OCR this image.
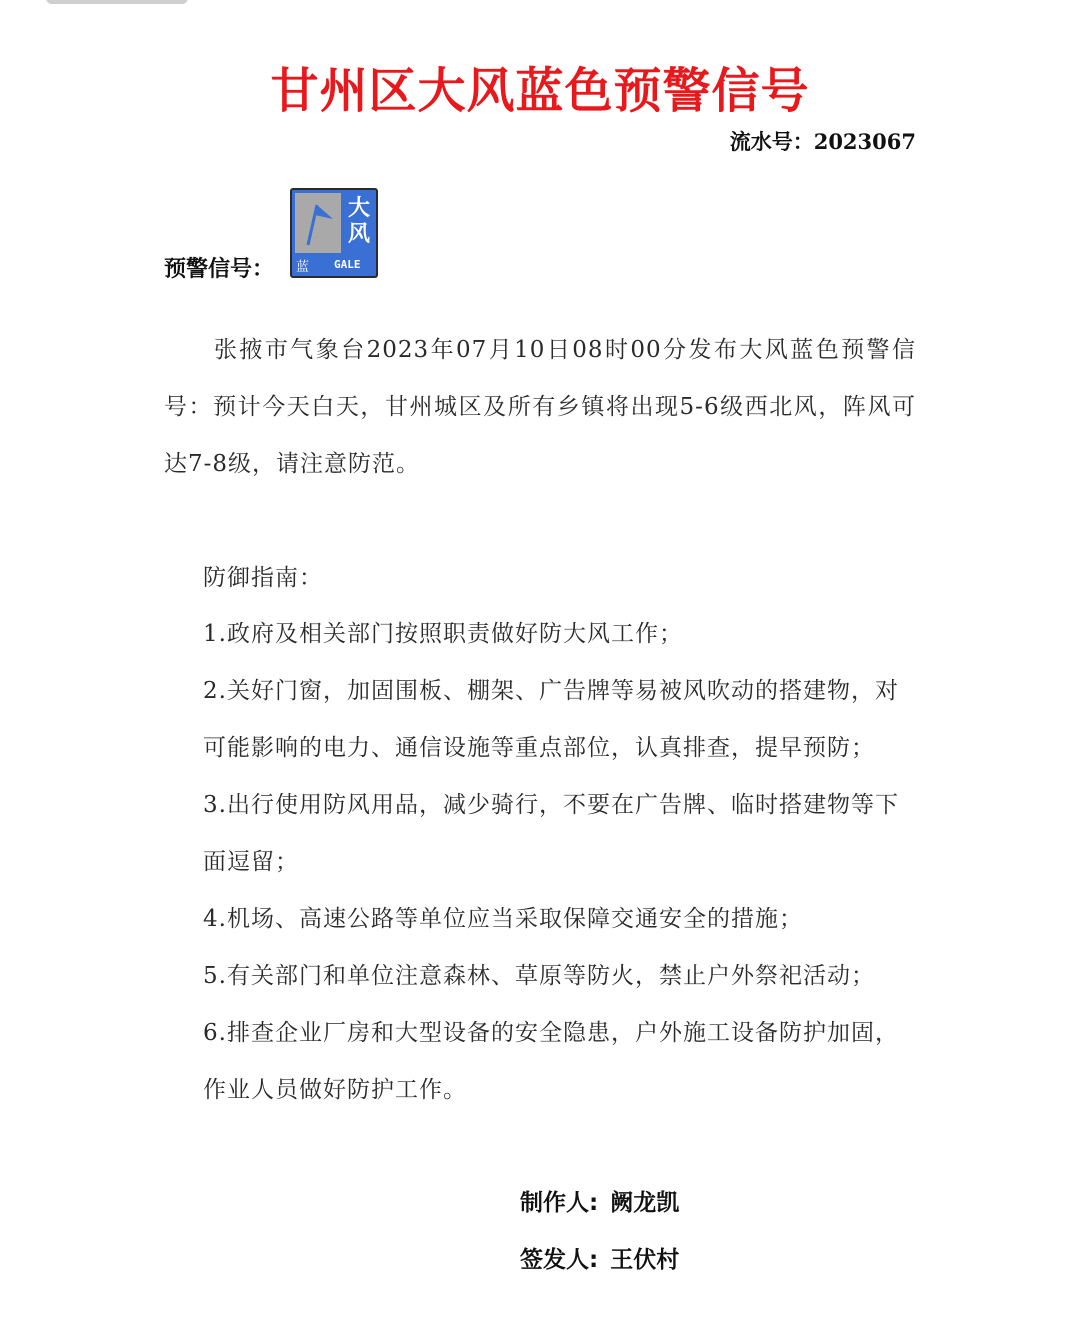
甘州区大风蓝色预警信号
流水号：2023067
预警信号：
大
风
蓝 GALE

张掖市气象台2023年07月10日08时00分发布大风蓝色预警信号：预计今天白天，甘州城区及所有乡镇将出现5-6级西北风，阵风可达7-8级，请注意防范。

防御指南：
1.政府及相关部门按照职责做好防大风工作；
2.关好门窗，加固围板、棚架、广告牌等易被风吹动的搭建物，对可能影响的电力、通信设施等重点部位，认真排查，提早预防；
3.出行使用防风用品，减少骑行，不要在广告牌、临时搭建物等下面逗留；
4.机场、高速公路等单位应当采取保障交通安全的措施；
5.有关部门和单位注意森林、草原等防火，禁止户外祭祀活动；
6.排查企业厂房和大型设备的安全隐患，户外施工设备防护加固，作业人员做好防护工作。
制作人: 阙龙凯
签发人: 王伏村
